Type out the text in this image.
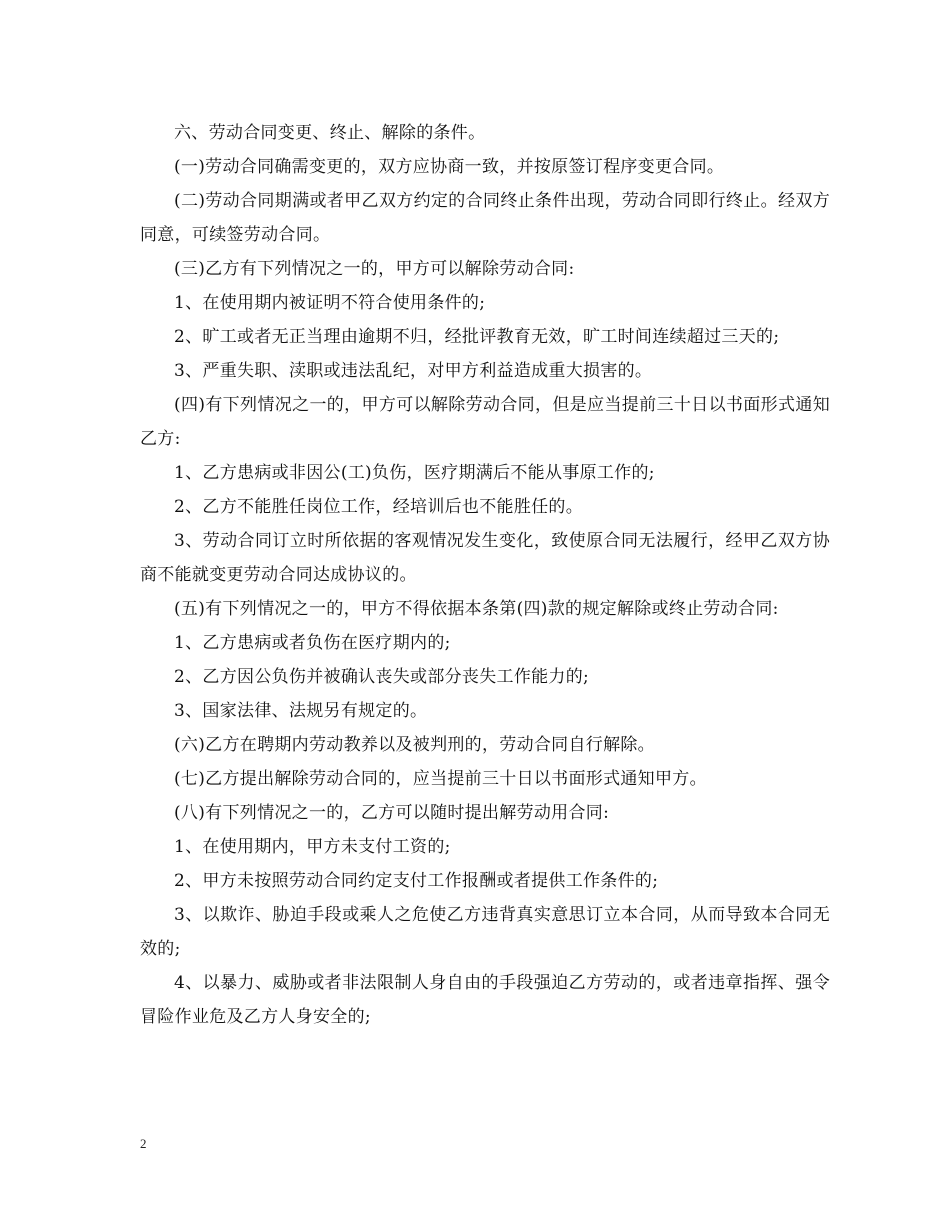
六、劳动合同变更、终止、解除的条件。

(一)劳动合同确需变更的，双方应协商一致，并按原签订程序变更合同。

(二)劳动合同期满或者甲乙双方约定的合同终止条件出现，劳动合同即行终止。经双方同意，可续签劳动合同。

(三)乙方有下列情况之一的，甲方可以解除劳动合同:

1、在使用期内被证明不符合使用条件的;

2、旷工或者无正当理由逾期不归，经批评教育无效，旷工时间连续超过三天的;

3、严重失职、渎职或违法乱纪，对甲方利益造成重大损害的。

(四)有下列情况之一的，甲方可以解除劳动合同，但是应当提前三十日以书面形式通知乙方:

1、乙方患病或非因公(工)负伤，医疗期满后不能从事原工作的;

2、乙方不能胜任岗位工作，经培训后也不能胜任的。

3、劳动合同订立时所依据的客观情况发生变化，致使原合同无法履行，经甲乙双方协商不能就变更劳动合同达成协议的。

(五)有下列情况之一的，甲方不得依据本条第(四)款的规定解除或终止劳动合同:

1、乙方患病或者负伤在医疗期内的;

2、乙方因公负伤并被确认丧失或部分丧失工作能力的;

3、国家法律、法规另有规定的。

(六)乙方在聘期内劳动教养以及被判刑的，劳动合同自行解除。

(七)乙方提出解除劳动合同的，应当提前三十日以书面形式通知甲方。

(八)有下列情况之一的，乙方可以随时提出解劳动用合同:

1、在使用期内，甲方未支付工资的;

2、甲方未按照劳动合同约定支付工作报酬或者提供工作条件的;

3、以欺诈、胁迫手段或乘人之危使乙方违背真实意思订立本合同，从而导致本合同无效的;

4、以暴力、威胁或者非法限制人身自由的手段强迫乙方劳动的，或者违章指挥、强令冒险作业危及乙方人身安全的;

2
